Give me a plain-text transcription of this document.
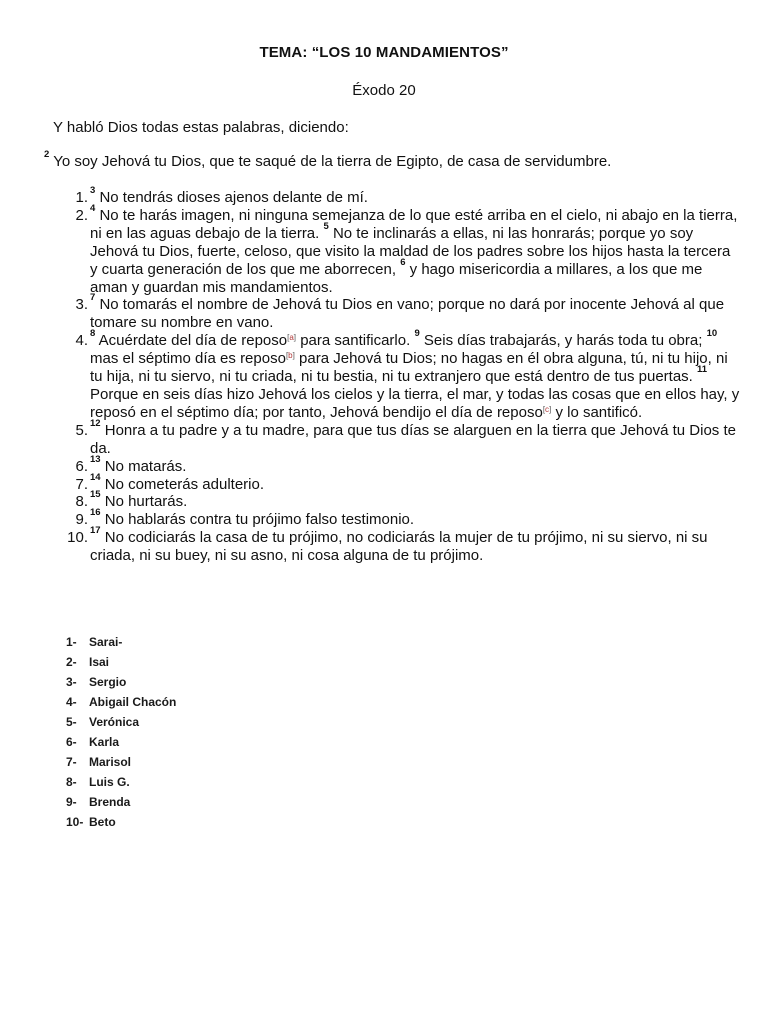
TEMA: “LOS 10 MANDAMIENTOS”
Éxodo 20
Y habló Dios todas estas palabras, diciendo:
$^2$ Yo soy Jehová tu Dios, que te saqué de la tierra de Egipto, de casa de servidumbre.
1. $^3$ No tendrás dioses ajenos delante de mí.
2. $^4$ No te harás imagen, ni ninguna semejanza de lo que esté arriba en el cielo, ni abajo en la tierra, ni en las aguas debajo de la tierra. $^5$ No te inclinarás a ellas, ni las honrarás; porque yo soy Jehová tu Dios, fuerte, celoso, que visito la maldad de los padres sobre los hijos hasta la tercera y cuarta generación de los que me aborrecen, $^6$ y hago misericordia a millares, a los que me aman y guardan mis mandamientos.
3. $^7$ No tomarás el nombre de Jehová tu Dios en vano; porque no dará por inocente Jehová al que tomare su nombre en vano.
4. $^8$ Acuérdate del día de reposo[a] para santificarlo. $^9$ Seis días trabajarás, y harás toda tu obra; $^{10}$ mas el séptimo día es reposo[b] para Jehová tu Dios; no hagas en él obra alguna, tú, ni tu hijo, ni tu hija, ni tu siervo, ni tu criada, ni tu bestia, ni tu extranjero que está dentro de tus puertas. $^{11}$ Porque en seis días hizo Jehová los cielos y la tierra, el mar, y todas las cosas que en ellos hay, y reposó en el séptimo día; por tanto, Jehová bendijo el día de reposo[c] y lo santificó.
5. $^{12}$ Honra a tu padre y a tu madre, para que tus días se alarguen en la tierra que Jehová tu Dios te da.
6. $^{13}$ No matarás.
7. $^{14}$ No cometerás adulterio.
8. $^{15}$ No hurtarás.
9. $^{16}$ No hablarás contra tu prójimo falso testimonio.
10. $^{17}$ No codiciarás la casa de tu prójimo, no codiciarás la mujer de tu prójimo, ni su siervo, ni su criada, ni su buey, ni su asno, ni cosa alguna de tu prójimo.
1- Sarai-
2- Isai
3- Sergio
4- Abigail Chacón
5- Verónica
6- Karla
7- Marisol
8- Luis G.
9- Brenda
10- Beto
